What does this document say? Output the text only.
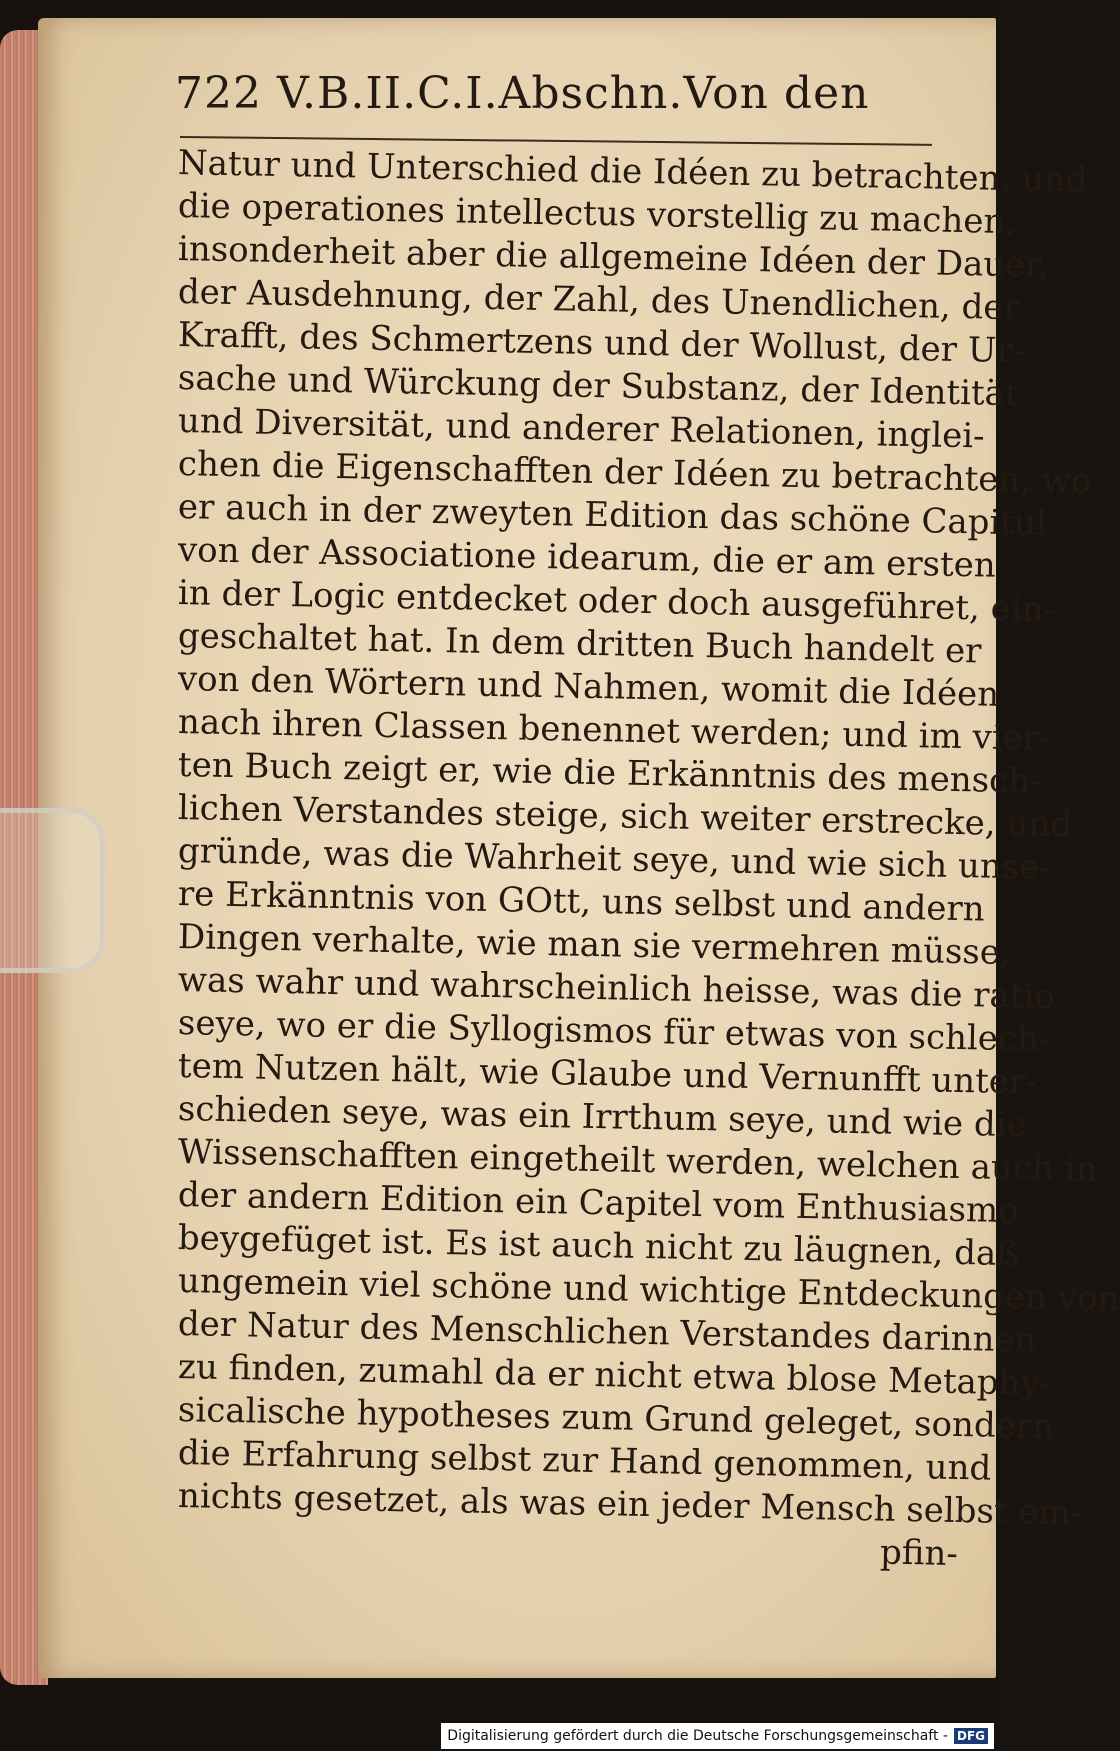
722 V.B.II.C.I.Abschn.Von den
Natur und Unterschied die Idéen zu betrachten, und
die operationes intellectus vorstellig zu machen,
insonderheit aber die allgemeine Idéen der Dauer,
der Ausdehnung, der Zahl, des Unendlichen, der
Krafft, des Schmertzens und der Wollust, der Ur-
sache und Würckung der Substanz, der Identität
und Diversität, und anderer Relationen, inglei-
chen die Eigenschafften der Idéen zu betrachten, wo
er auch in der zweyten Edition das schöne Capitul
von der Associatione idearum, die er am ersten
in der Logic entdecket oder doch ausgeführet, ein-
geschaltet hat. In dem dritten Buch handelt er
von den Wörtern und Nahmen, womit die Idéen
nach ihren Classen benennet werden; und im vier-
ten Buch zeigt er, wie die Erkänntnis des mensch-
lichen Verstandes steige, sich weiter erstrecke, und
gründe, was die Wahrheit seye, und wie sich unse-
re Erkänntnis von GOtt, uns selbst und andern
Dingen verhalte, wie man sie vermehren müsse,
was wahr und wahrscheinlich heisse, was die ratio
seye, wo er die Syllogismos für etwas von schlech-
tem Nutzen hält, wie Glaube und Vernunfft unter-
schieden seye, was ein Irrthum seye, und wie die
Wissenschafften eingetheilt werden, welchen auch in
der andern Edition ein Capitel vom Enthusiasmo
beygefüget ist. Es ist auch nicht zu läugnen, daß
ungemein viel schöne und wichtige Entdeckungen von
der Natur des Menschlichen Verstandes darinnen
zu finden, zumahl da er nicht etwa blose Metaphy-
sicalische hypotheses zum Grund geleget, sondern
die Erfahrung selbst zur Hand genommen, und
nichts gesetzet, als was ein jeder Mensch selbst em-
pfin-
Digitalisierung gefördert durch die Deutsche Forschungsgemeinschaft - DFG
